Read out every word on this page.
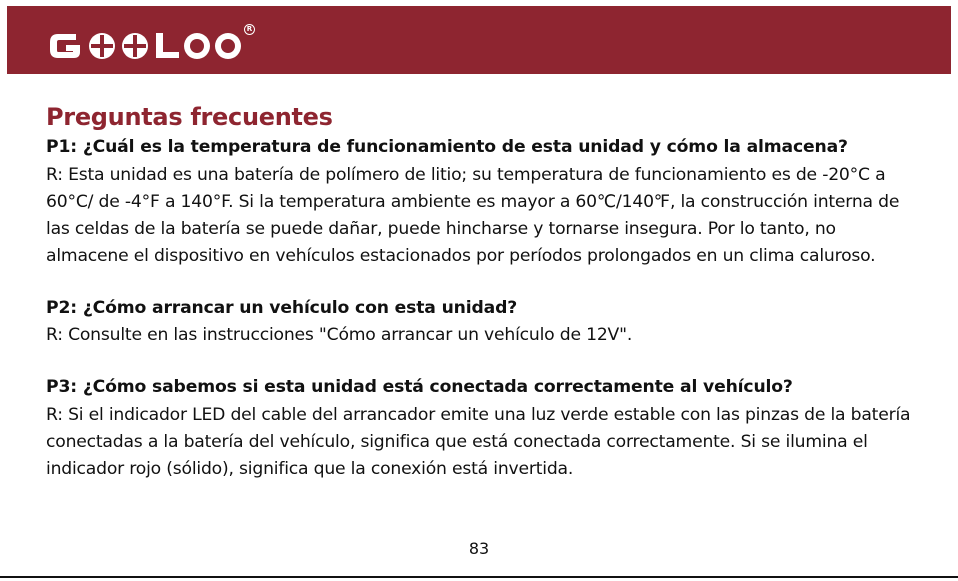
R
Preguntas frecuentes

P1: ¿Cuál es la temperatura de funcionamiento de esta unidad y cómo la almacena?

R: Esta unidad es una batería de polímero de litio; su temperatura de funcionamiento es de -20°C a 60°C/ de -4°F a 140°F. Si la temperatura ambiente es mayor a 60℃/140℉, la construcción interna de las celdas de la batería se puede dañar, puede hincharse y tornarse insegura. Por lo tanto, no almacene el dispositivo en vehículos estacionados por períodos prolongados en un clima caluroso.

P2: ¿Cómo arrancar un vehículo con esta unidad?

R: Consulte en las instrucciones "Cómo arrancar un vehículo de 12V".

P3: ¿Cómo sabemos si esta unidad está conectada correctamente al vehículo?

R: Si el indicador LED del cable del arrancador emite una luz verde estable con las pinzas de la batería conectadas a la batería del vehículo, significa que está conectada correctamente. Si se ilumina el indicador rojo (sólido), significa que la conexión está invertida.

83
